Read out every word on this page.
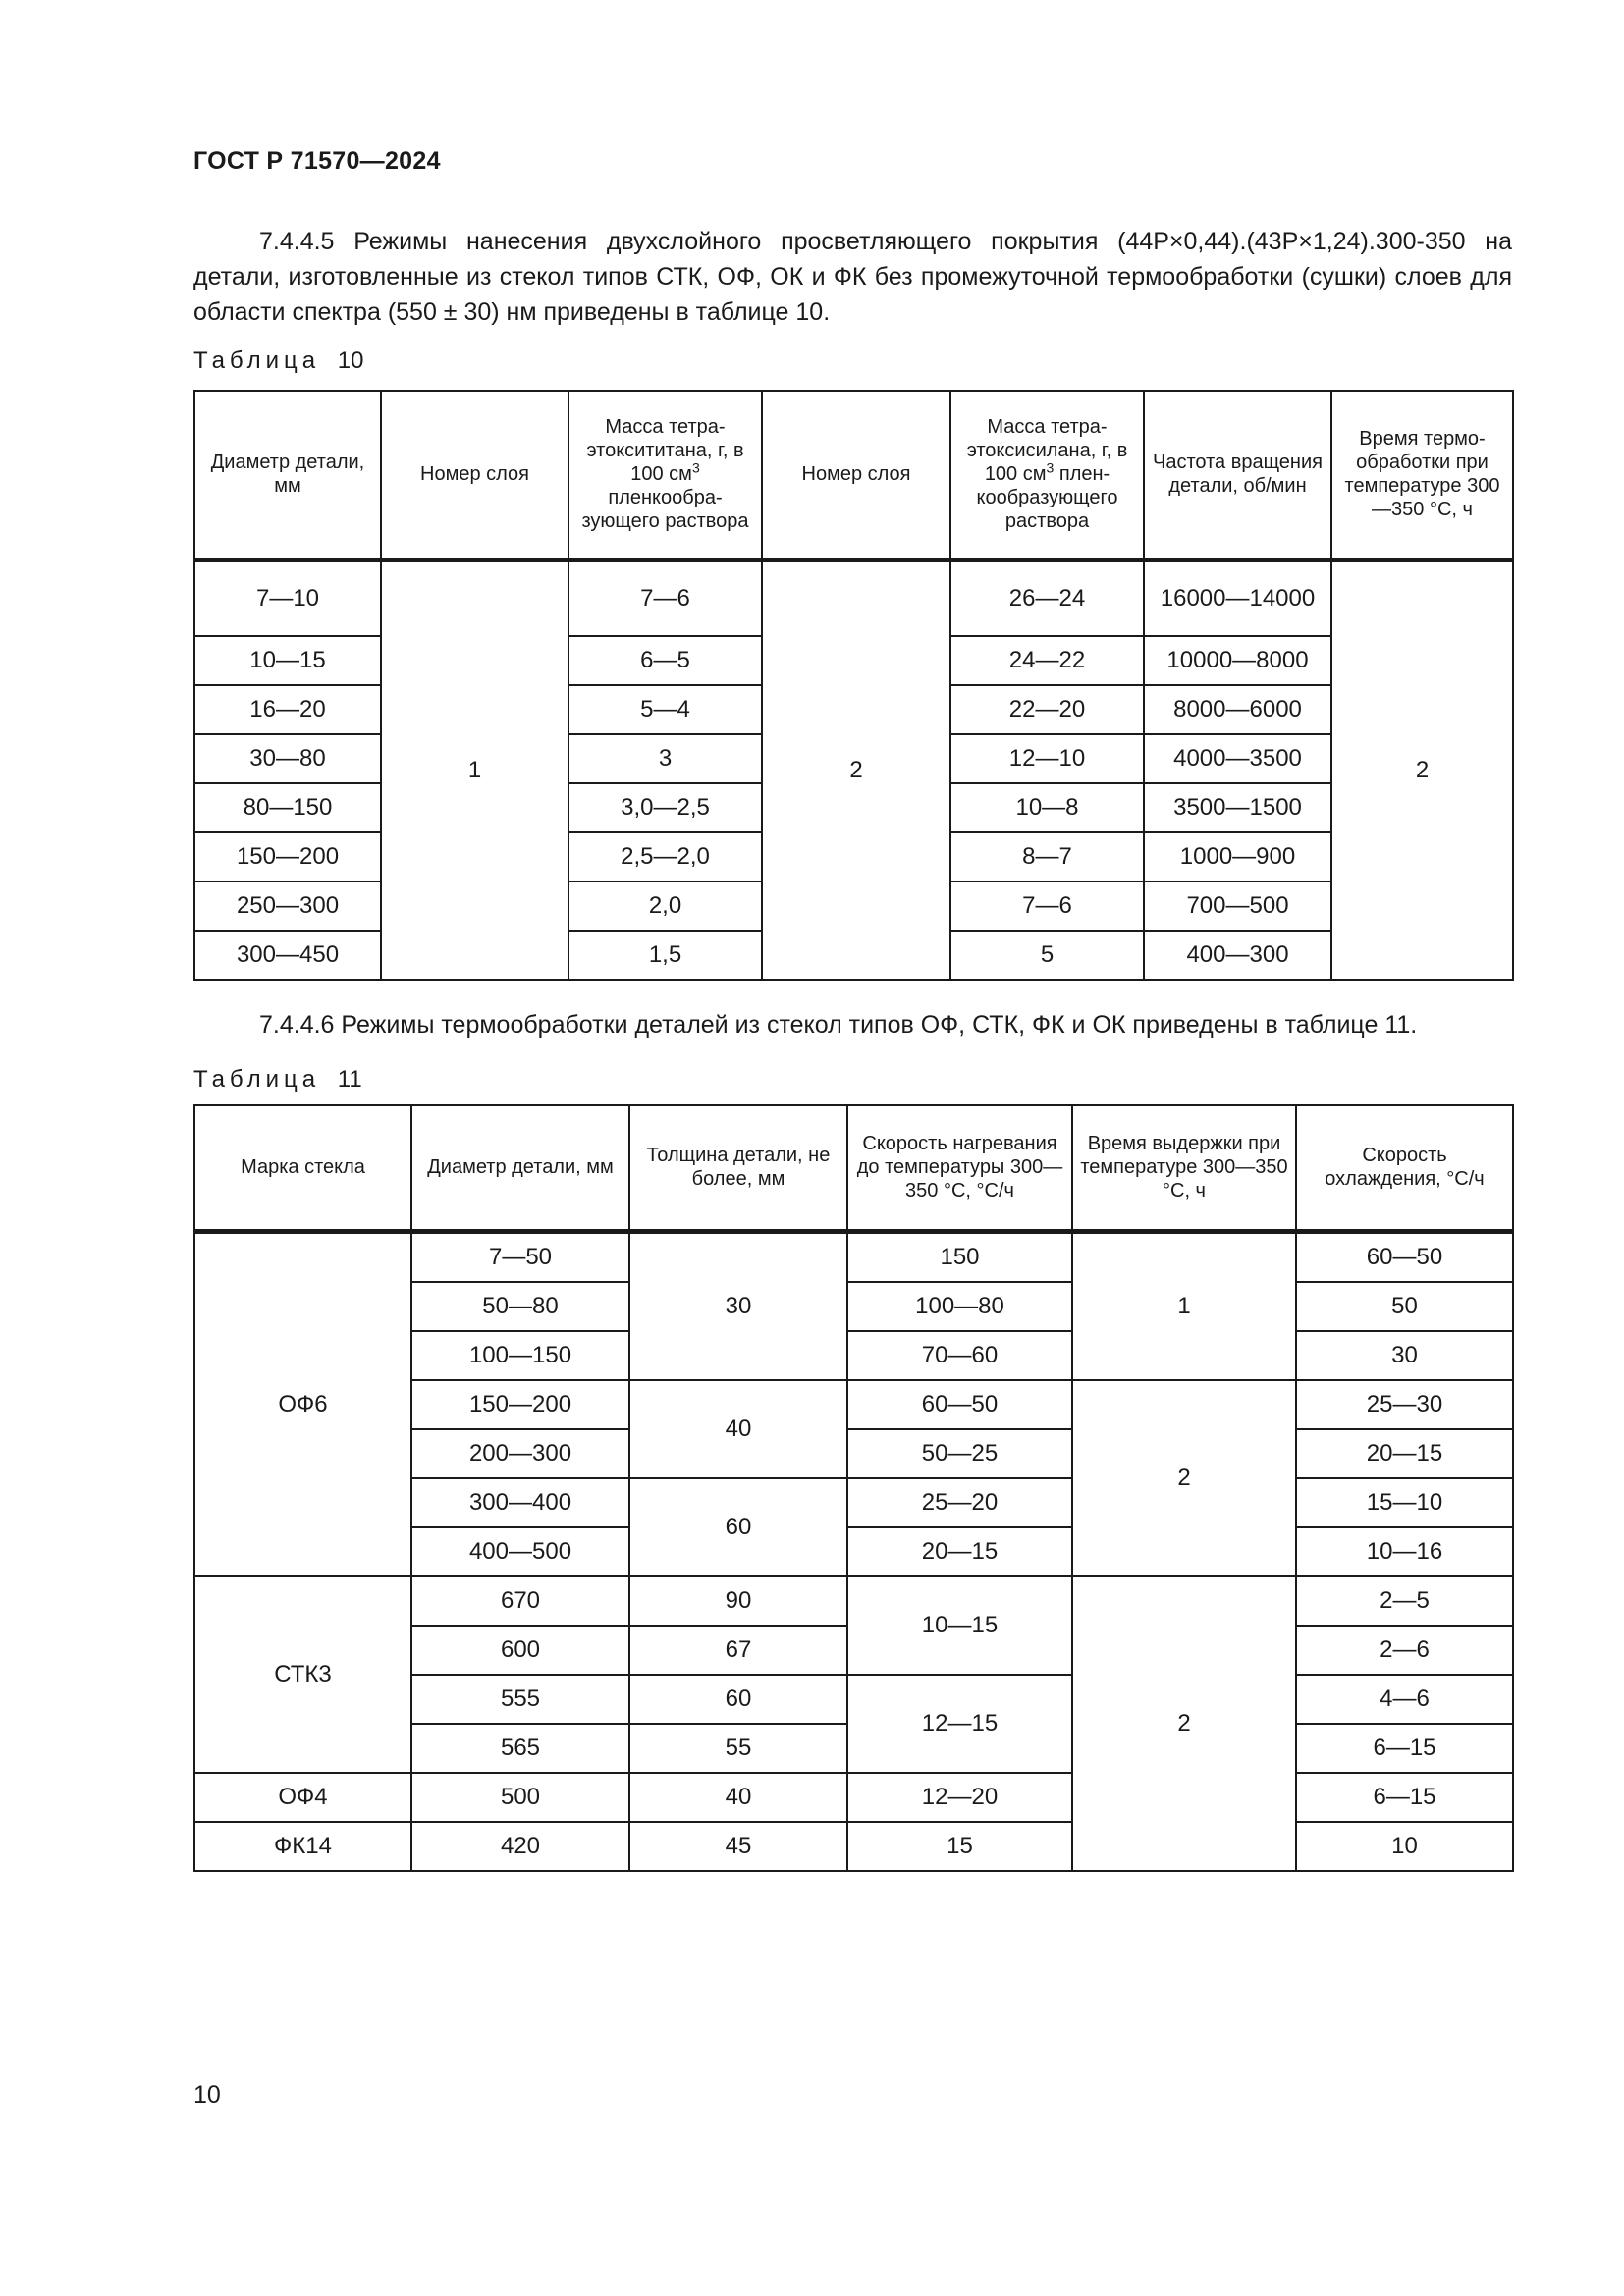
ГОСТ Р 71570—2024
7.4.4.5 Режимы нанесения двухслойного просветляющего покрытия (44Р×0,44).(43Р×1,24).300-350 на детали, изготовленные из стекол типов СТК, ОФ, ОК и ФК без промежуточной термообработки (сушки) слоев для области спектра (550 ± 30) нм приведены в таблице 10.
Таблица 10
Диаметр детали, мм	Номер слоя	Масса тетра-этоксититана, г, в 100 $см^3$ пленкообра-зующего раствора	Номер слоя	Масса тетра-этоксисилана, г, в 100 $см^3$ плен-кообразующего раствора	Частота вращения детали, об/мин	Время термо-обработки при температуре 300—350 °С, ч
7—10	1	7—6	2	26—24	16000—14000	2
10—15		6—5		24—22	10000—8000	
16—20		5—4		22—20	8000—6000	
30—80		3		12—10	4000—3500	
80—150		3,0—2,5		10—8	3500—1500	
150—200		2,5—2,0		8—7	1000—900	
250—300		2,0		7—6	700—500	
300—450		1,5		5	400—300	
7.4.4.6 Режимы термообработки деталей из стекол типов ОФ, СТК, ФК и ОК приведены в таблице 11.
Таблица 11
Марка стекла	Диаметр детали, мм	Толщина детали, не более, мм	Скорость нагревания до температуры 300—350 °С, °С/ч	Время выдержки при температуре 300—350 °С, ч	Скорость охлаждения, °С/ч
ОФ6	7—50	30	150	1	60—50
	50—80		100—80		50
	100—150		70—60		30
	150—200	40	60—50	2	25—30
	200—300		50—25		20—15
	300—400	60	25—20		15—10
	400—500		20—15		10—16
СТК3	670	90	10—15	2	2—5
	600	67			2—6
	555	60	12—15		4—6
	565	55			6—15
ОФ4	500	40	12—20		6—15
ФК14	420	45	15		10
10
